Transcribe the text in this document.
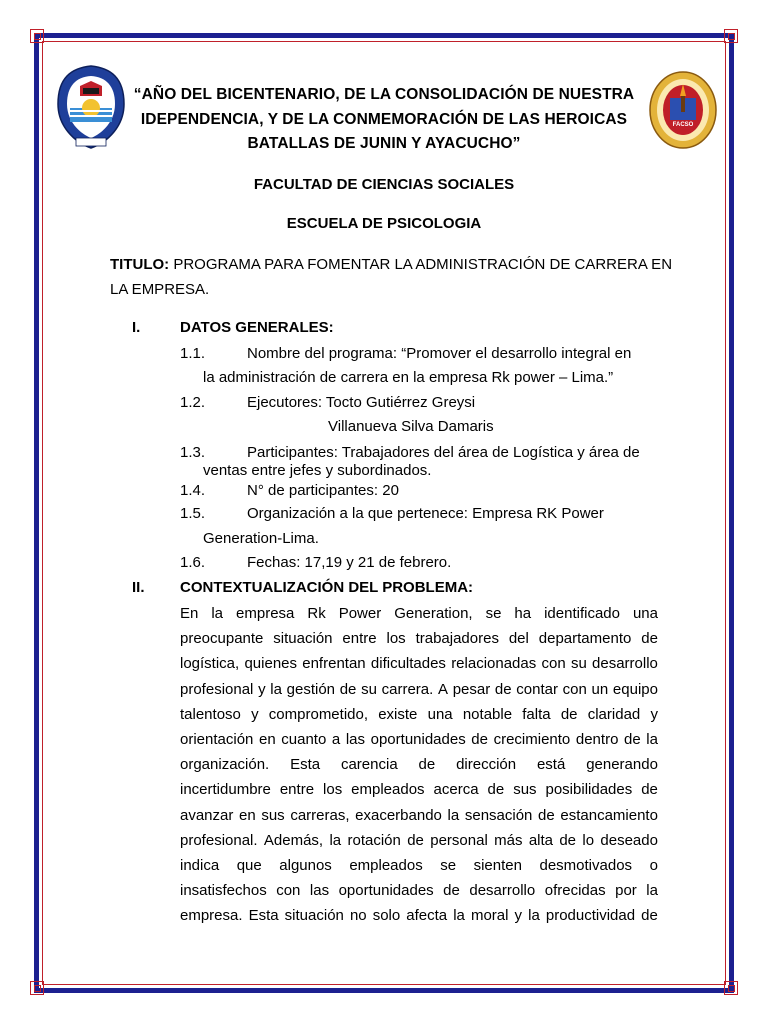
FACSO
“AÑO DEL BICENTENARIO, DE LA CONSOLIDACIÓN DE NUESTRA
IDEPENDENCIA, Y DE LA CONMEMORACIÓN DE LAS HEROICAS
BATALLAS DE JUNIN Y AYACUCHO”
FACULTAD DE CIENCIAS SOCIALES
ESCUELA DE PSICOLOGIA
TITULO: PROGRAMA PARA FOMENTAR LA ADMINISTRACIÓN DE CARRERA EN
LA EMPRESA.
I.	DATOS GENERALES:
1.1.	Nombre del programa: “Promover el desarrollo integral en
la administración de carrera en la empresa Rk power – Lima.”
1.2.	Ejecutores: Tocto Gutiérrez Greysi
Villanueva Silva Damaris
1.3.	Participantes: Trabajadores del área de Logística y área de
ventas entre jefes y subordinados.
1.4.	N° de participantes: 20
1.5.	Organización a la que pertenece: Empresa RK Power
Generation-Lima.
1.6.	Fechas: 17,19 y 21 de febrero.
II. CONTEXTUALIZACIÓN DEL PROBLEMA:
En la empresa Rk Power Generation, se ha identificado una
preocupante situación entre los trabajadores del departamento de
logística, quienes enfrentan dificultades relacionadas con su desarrollo
profesional y la gestión de su carrera. A pesar de contar con un equipo
talentoso y comprometido, existe una notable falta de claridad y
orientación en cuanto a las oportunidades de crecimiento dentro de la
organización. Esta carencia de dirección está generando
incertidumbre entre los empleados acerca de sus posibilidades de
avanzar en sus carreras, exacerbando la sensación de estancamiento
profesional. Además, la rotación de personal más alta de lo deseado
indica que algunos empleados se sienten desmotivados o
insatisfechos con las oportunidades de desarrollo ofrecidas por la
empresa. Esta situación no solo afecta la moral y la productividad de
